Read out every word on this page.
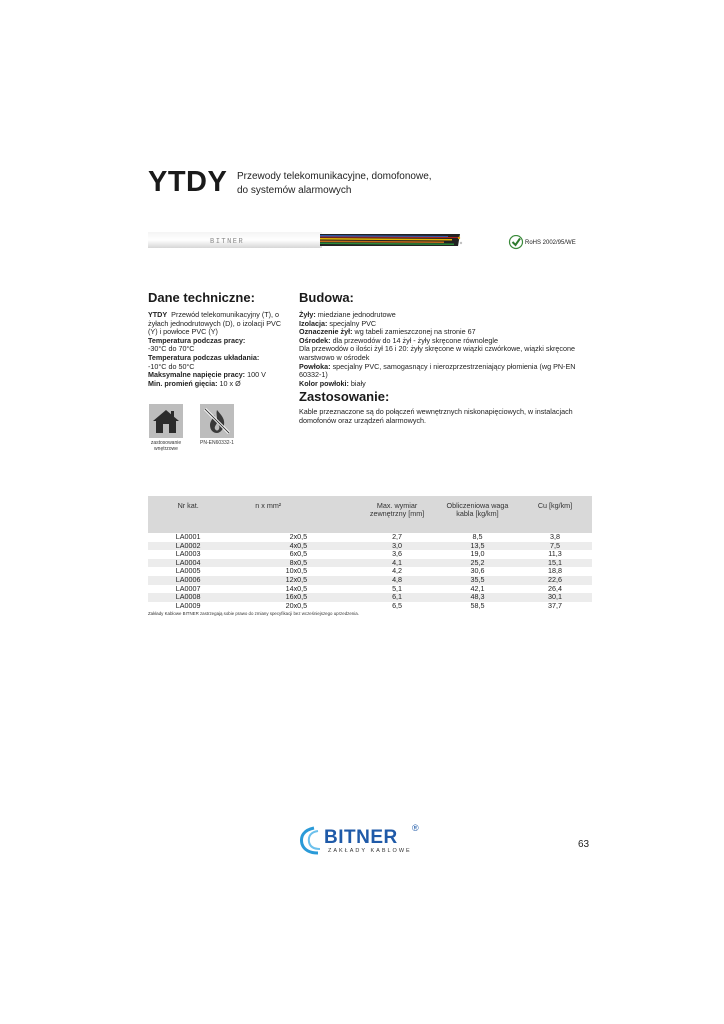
YTDY Przewody telekomunikacyjne, domofonowe,
do systemów alarmowych
BITNER	RoHS 2002/95/WE
Dane techniczne:
YTDY Przewód telekomunikacyjny (T), o żyłach jednodrutowych (D), o izolacji PVC (Y) i powłoce PVC (Y)
Temperatura podczas pracy:
-30°C do 70°C
Temperatura podczas układania:
-10°C do 50°C
Maksymalne napięcie pracy: 100 V
Min. promień gięcia: 10 x Ø
zastosowanie wnętrzowe
PN-EN60332-1
Budowa:
Żyły: miedziane jednodrutowe
Izolacja: specjalny PVC
Oznaczenie żył: wg tabeli zamieszczonej na stronie 67
Ośrodek: dla przewodów do 14 żył - żyły skręcone równolegle
Dla przewodów o ilości żył 16 i 20: żyły skręcone w wiązki czwórkowe, wiązki skręcone warstwowo w ośrodek
Powłoka: specjalny PVC, samogasnący i nierozprzestrzeniający płomienia (wg PN-EN 60332-1)
Kolor powłoki: biały
Zastosowanie:
Kable przeznaczone są do połączeń wewnętrznych niskonapięciowych, w instalacjach domofonów oraz urządzeń alarmowych.
Nr kat.	n x mm²	Max. wymiar zewnętrzny [mm]	Obliczeniowa waga kabla [kg/km]	Cu [kg/km]
LA0001	2x0,5	2,7	8,5	3,8
LA0002	4x0,5	3,0	13,5	7,5
LA0003	6x0,5	3,6	19,0	11,3
LA0004	8x0,5	4,1	25,2	15,1
LA0005	10x0,5	4,2	30,6	18,8
LA0006	12x0,5	4,8	35,5	22,6
LA0007	14x0,5	5,1	42,1	26,4
LA0008	16x0,5	6,1	48,3	30,1
LA0009	20x0,5	6,5	58,5	37,7
Zakłady Kablowe BITNER zastrzegają sobie prawo do zmiany specyfikacji bez wcześniejszego uprzedzenia.
BITNER ®
ZAKŁADY KABLOWE
63
